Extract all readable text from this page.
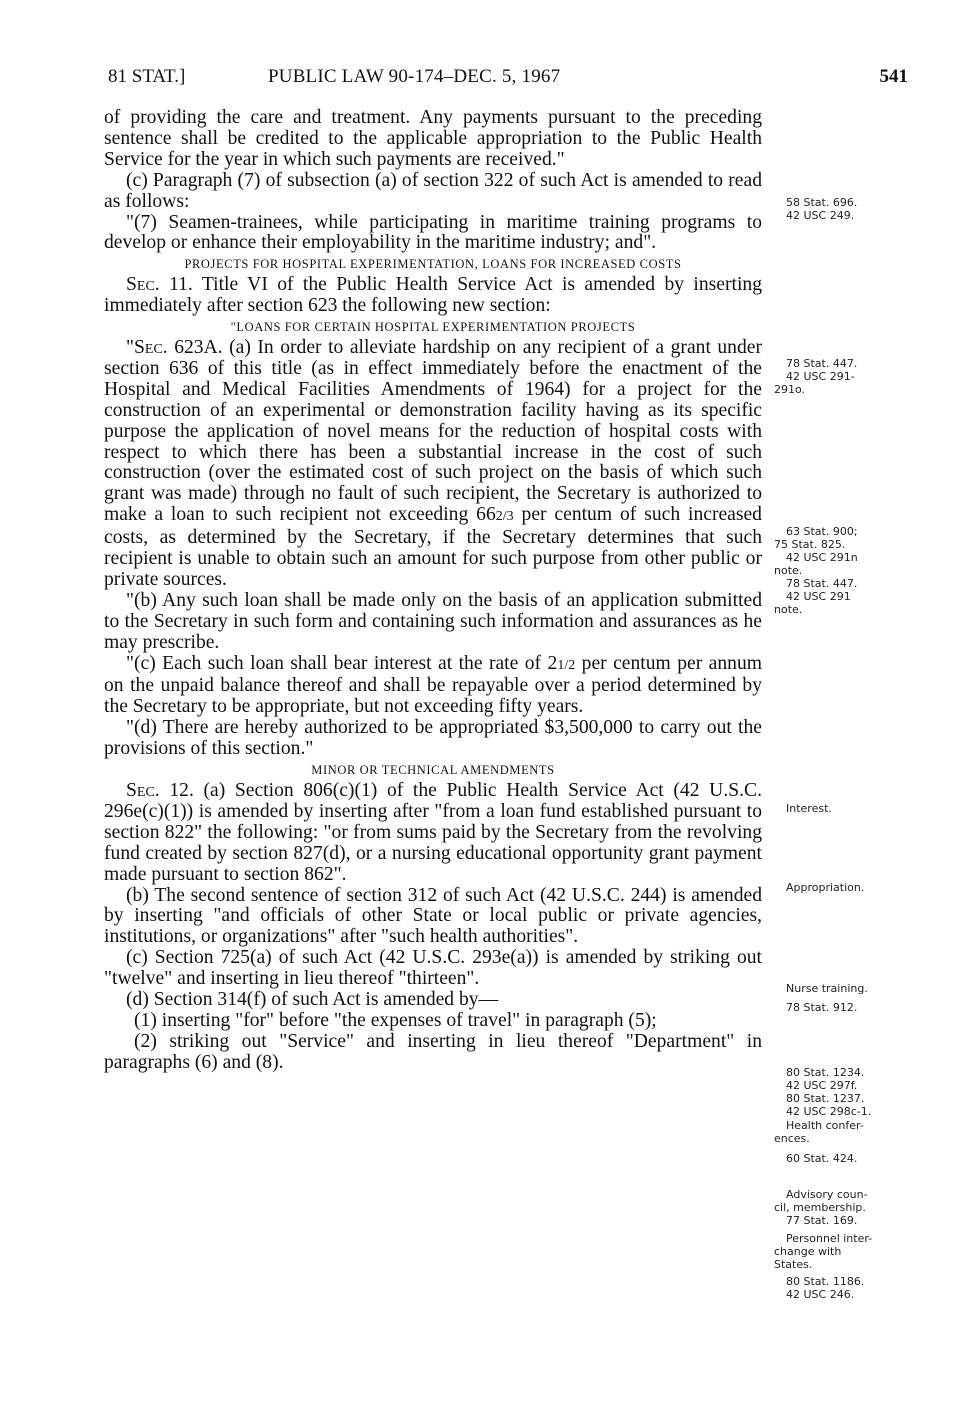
81 STAT.]	PUBLIC LAW 90-174–DEC. 5, 1967	541

of providing the care and treatment. Any payments pursuant to the preceding sentence shall be credited to the applicable appropriation to the Public Health Service for the year in which such payments are received."

(c) Paragraph (7) of subsection (a) of section 322 of such Act is amended to read as follows:

"(7) Seamen-trainees, while participating in maritime training programs to develop or enhance their employability in the maritime industry; and".

PROJECTS FOR HOSPITAL EXPERIMENTATION, LOANS FOR INCREASED COSTS

Sec. 11. Title VI of the Public Health Service Act is amended by inserting immediately after section 623 the following new section:

"LOANS FOR CERTAIN HOSPITAL EXPERIMENTATION PROJECTS

"Sec. 623A. (a) In order to alleviate hardship on any recipient of a grant under section 636 of this title (as in effect immediately before the enactment of the Hospital and Medical Facilities Amendments of 1964) for a project for the construction of an experimental or demonstration facility having as its specific purpose the application of novel means for the reduction of hospital costs with respect to which there has been a substantial increase in the cost of such construction (over the estimated cost of such project on the basis of which such grant was made) through no fault of such recipient, the Secretary is authorized to make a loan to such recipient not exceeding 662/3 per centum of such increased costs, as determined by the Secretary, if the Secretary determines that such recipient is unable to obtain such an amount for such purpose from other public or private sources.

"(b) Any such loan shall be made only on the basis of an application submitted to the Secretary in such form and containing such information and assurances as he may prescribe.

"(c) Each such loan shall bear interest at the rate of 21/2 per centum per annum on the unpaid balance thereof and shall be repayable over a period determined by the Secretary to be appropriate, but not exceeding fifty years.

"(d) There are hereby authorized to be appropriated $3,500,000 to carry out the provisions of this section."

MINOR OR TECHNICAL AMENDMENTS

Sec. 12. (a) Section 806(c)(1) of the Public Health Service Act (42 U.S.C. 296e(c)(1)) is amended by inserting after "from a loan fund established pursuant to section 822" the following: "or from sums paid by the Secretary from the revolving fund created by section 827(d), or a nursing educational opportunity grant payment made pursuant to section 862".

(b) The second sentence of section 312 of such Act (42 U.S.C. 244) is amended by inserting "and officials of other State or local public or private agencies, institutions, or organizations" after "such health authorities".

(c) Section 725(a) of such Act (42 U.S.C. 293e(a)) is amended by striking out "twelve" and inserting in lieu thereof "thirteen".

(d) Section 314(f) of such Act is amended by—

(1) inserting "for" before "the expenses of travel" in paragraph (5);

(2) striking out "Service" and inserting in lieu thereof "Department" in paragraphs (6) and (8).

58 Stat. 696.
42 USC 249.
78 Stat. 447.
42 USC 291-
291o.
63 Stat. 900;
75 Stat. 825.
42 USC 291n
note.
78 Stat. 447.
42 USC 291
note.
Interest.
Appropriation.
Nurse training.
78 Stat. 912.
80 Stat. 1234.
42 USC 297f.
80 Stat. 1237.
42 USC 298c-1.
Health confer-
ences.
60 Stat. 424.
Advisory coun-
cil, membership.
77 Stat. 169.
Personnel inter-
change with
States.
80 Stat. 1186.
42 USC 246.
